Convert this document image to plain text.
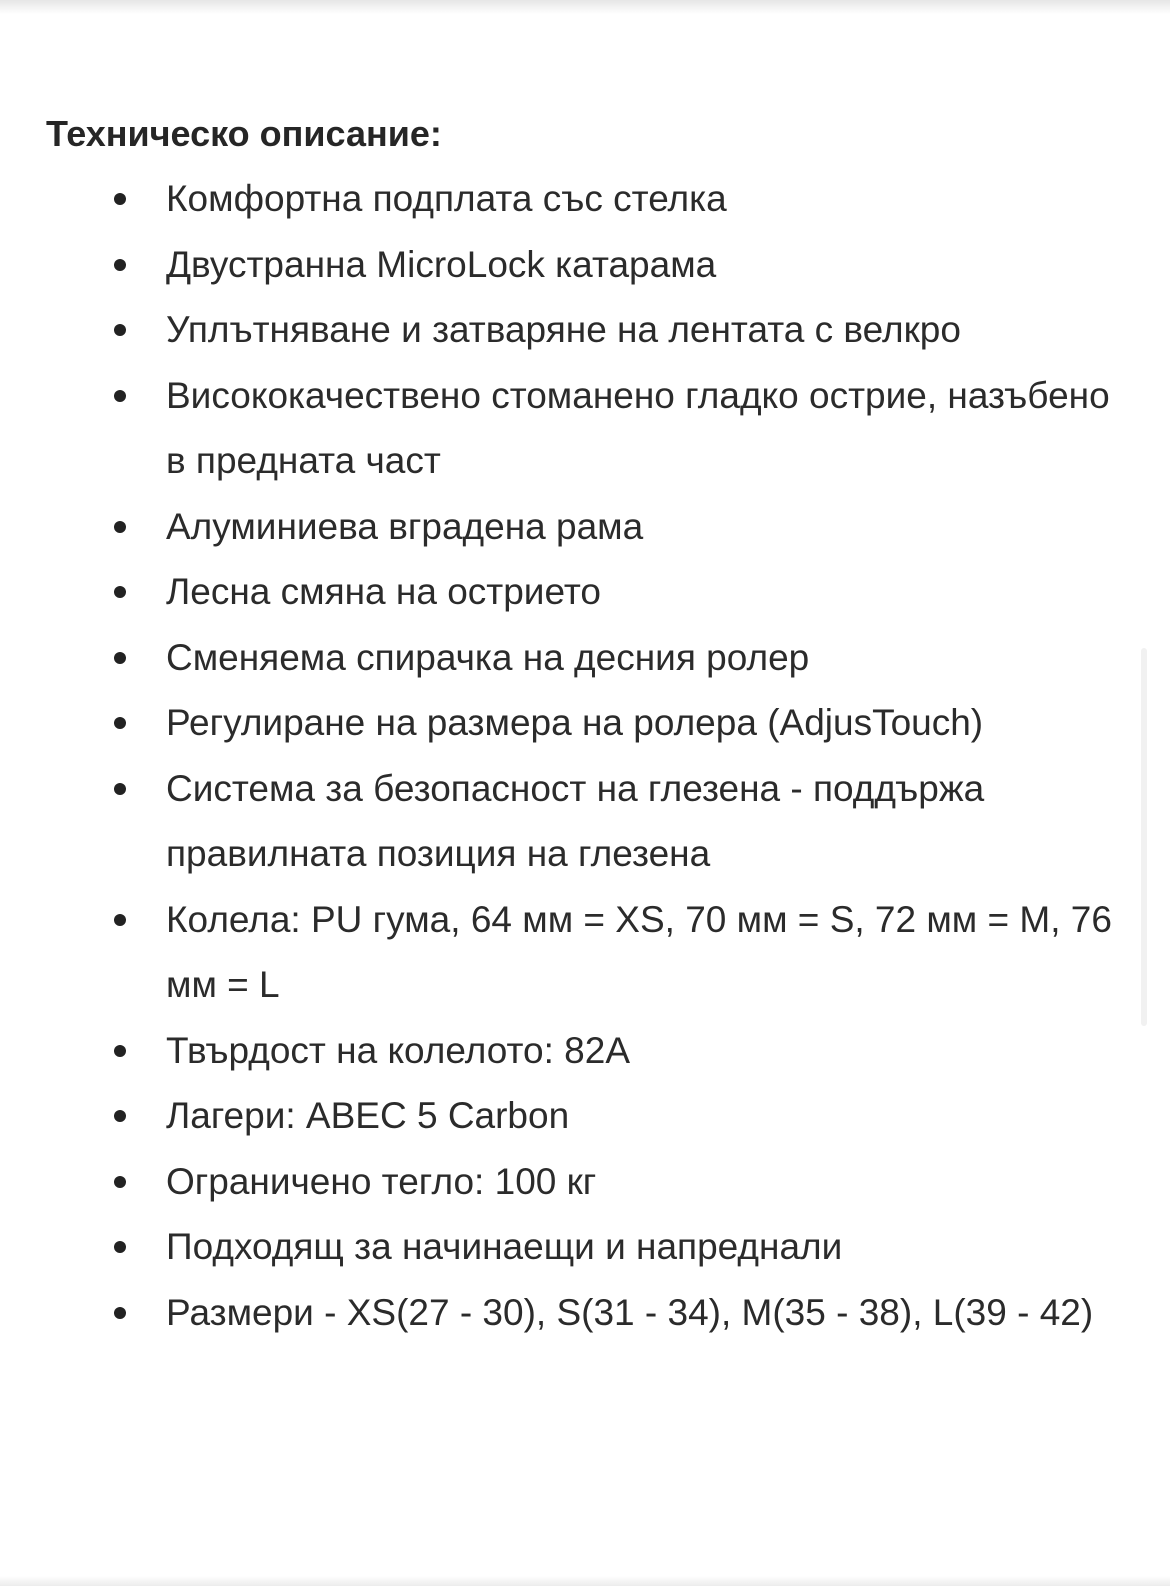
Техническо описание:
Комфортна подплата със стелка
Двустранна MicroLock катарама
Уплътняване и затваряне на лентата с велкро
Висококачествено стоманено гладко острие, назъбено в предната част
Алуминиева вградена рама
Лесна смяна на острието
Сменяема спирачка на десния ролер
Регулиране на размера на ролера (AdjusTouch)
Система за безопасност на глезена - поддържа правилната позиция на глезена
Колела: PU гума, 64 мм = XS, 70 мм = S, 72 мм = M, 76 мм = L
Твърдост на колелото: 82A
Лагери: ABEC 5 Carbon
Ограничено тегло: 100 кг
Подходящ за начинаещи и напреднали
Размери - XS(27 - 30), S(31 - 34), M(35 - 38), L(39 - 42)
